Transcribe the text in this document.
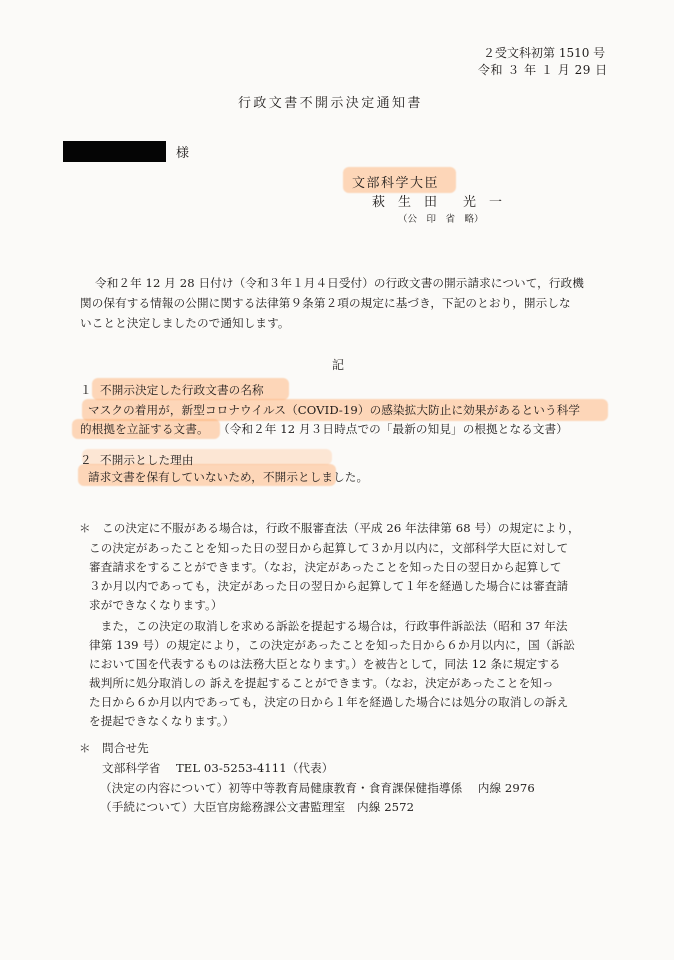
２受文科初第 1510 号
令和 ３ 年 １ 月 29 日
行政文書不開示決定通知書
様
文部科学大臣
萩　生　田　　光　一
（公　印　省　略）
令和２年 12 月 28 日付け（令和３年１月４日受付）の行政文書の開示請求について，行政機
関の保有する情報の公開に関する法律第９条第２項の規定に基づき，下記のとおり，開示しな
いことと決定しましたので通知します。
記
１ 不開示決定した行政文書の名称
マスクの着用が，新型コロナウイルス（COVID-19）の感染拡大防止に効果があるという科学
的根拠を立証する文書。 （令和２年 12 月３日時点での「最新の知見」の根拠となる文書）
２ 不開示とした理由
請求文書を保有していないため，不開示としました。
＊ この決定に不服がある場合は，行政不服審査法（平成 26 年法律第 68 号）の規定により，
この決定があったことを知った日の翌日から起算して３か月以内に，文部科学大臣に対して
審査請求をすることができます。（なお，決定があったことを知った日の翌日から起算して
３か月以内であっても，決定があった日の翌日から起算して１年を経過した場合には審査請
求ができなくなります。）
　また，この決定の取消しを求める訴訟を提起する場合は，行政事件訴訟法（昭和 37 年法
律第 139 号）の規定により，この決定があったことを知った日から６か月以内に，国（訴訟
において国を代表するものは法務大臣となります。）を被告として，同法 12 条に規定する
裁判所に処分取消しの 訴えを提起することができます。（なお，決定があったことを知っ
た日から６か月以内であっても，決定の日から１年を経過した場合には処分の取消しの訴え
を提起できなくなります。）
＊ 問合せ先
文部科学省　 TEL 03-5253-4111（代表）
（決定の内容について）初等中等教育局健康教育・食育課保健指導係　 内線 2976
（手続について）大臣官房総務課公文書監理室　内線 2572
